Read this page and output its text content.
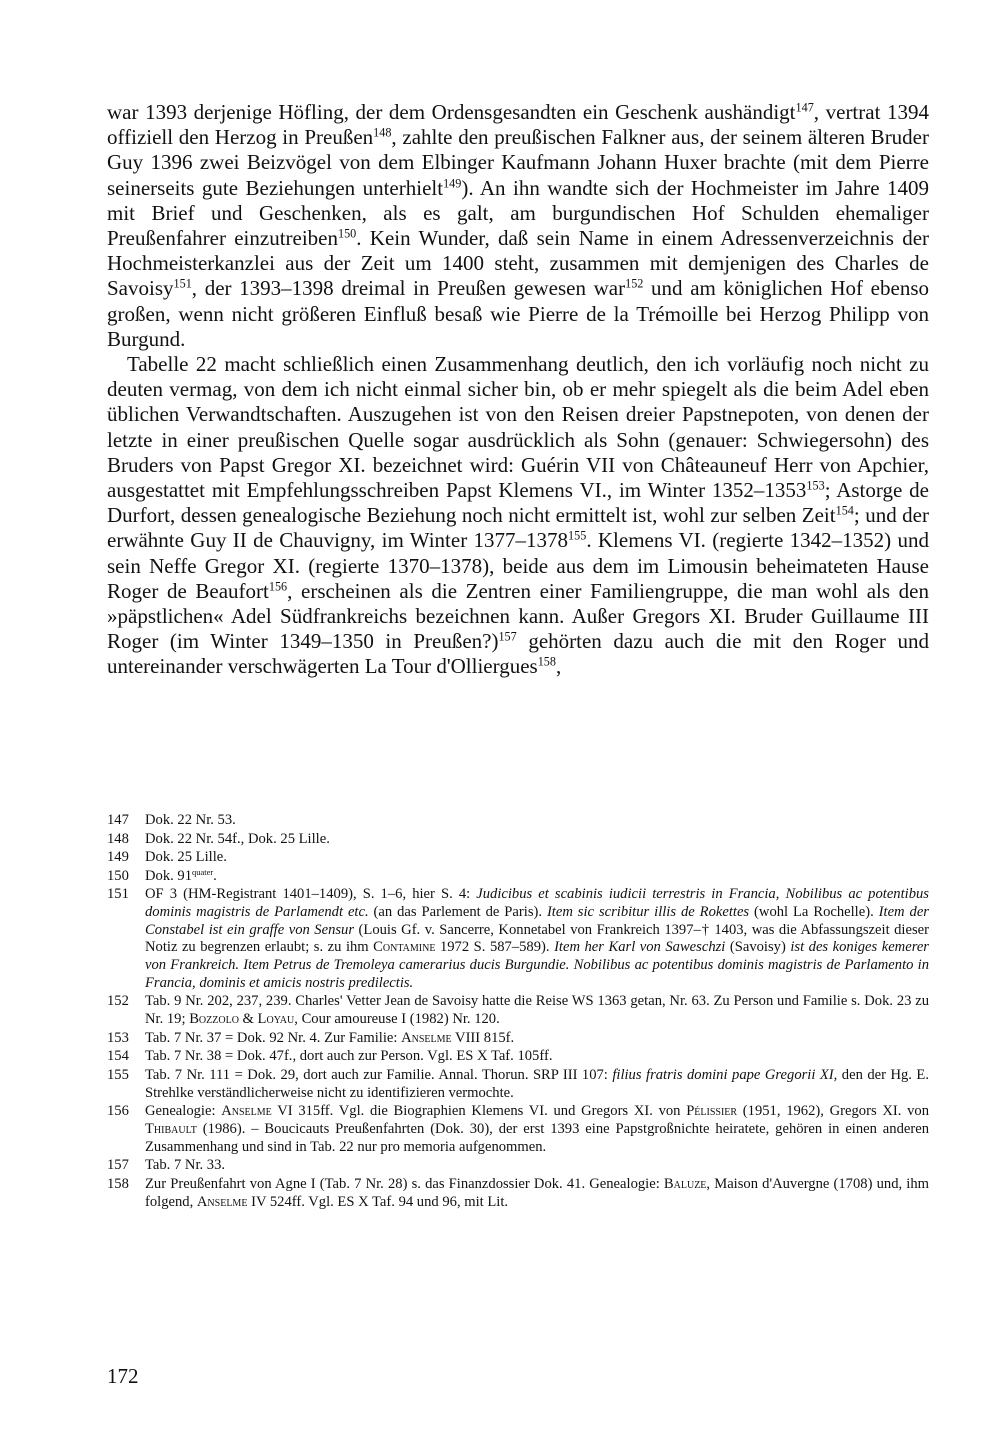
war 1393 derjenige Höfling, der dem Ordensgesandten ein Geschenk aushändigt$^{147}$, vertrat 1394 offiziell den Herzog in Preußen$^{148}$, zahlte den preußischen Falkner aus, der seinem älteren Bruder Guy 1396 zwei Beizvögel von dem Elbinger Kaufmann Johann Huxer brachte (mit dem Pierre seinerseits gute Beziehungen unterhielt$^{149}$). An ihn wandte sich der Hochmeister im Jahre 1409 mit Brief und Geschenken, als es galt, am burgundischen Hof Schulden ehemaliger Preußenfahrer einzutreiben$^{150}$. Kein Wunder, daß sein Name in einem Adressenverzeichnis der Hochmeisterkanzlei aus der Zeit um 1400 steht, zusammen mit demjenigen des Charles de Savoisy$^{151}$, der 1393–1398 dreimal in Preußen gewesen war$^{152}$ und am königlichen Hof ebenso großen, wenn nicht größeren Einfluß besaß wie Pierre de la Trémoille bei Herzog Philipp von Burgund.

Tabelle 22 macht schließlich einen Zusammenhang deutlich, den ich vorläufig noch nicht zu deuten vermag, von dem ich nicht einmal sicher bin, ob er mehr spiegelt als die beim Adel eben üblichen Verwandtschaften. Auszugehen ist von den Reisen dreier Papstnepoten, von denen der letzte in einer preußischen Quelle sogar ausdrücklich als Sohn (genauer: Schwiegersohn) des Bruders von Papst Gregor XI. bezeichnet wird: Guérin VII von Châteauneuf Herr von Apchier, ausgestattet mit Empfehlungsschreiben Papst Klemens VI., im Winter 1352–1353$^{153}$; Astorge de Durfort, dessen genealogische Beziehung noch nicht ermittelt ist, wohl zur selben Zeit$^{154}$; und der erwähnte Guy II de Chauvigny, im Winter 1377–1378$^{155}$. Klemens VI. (regierte 1342–1352) und sein Neffe Gregor XI. (regierte 1370–1378), beide aus dem im Limousin beheimateten Hause Roger de Beaufort$^{156}$, erscheinen als die Zentren einer Familiengruppe, die man wohl als den »päpstlichen« Adel Südfrankreichs bezeichnen kann. Außer Gregors XI. Bruder Guillaume III Roger (im Winter 1349–1350 in Preußen?)$^{157}$ gehörten dazu auch die mit den Roger und untereinander verschwägerten La Tour d'Olliergues$^{158}$,

147	Dok. 22 Nr. 53.
148	Dok. 22 Nr. 54f., Dok. 25 Lille.
149	Dok. 25 Lille.
150	Dok. $91^{quater}$.
151	OF 3 (HM-Registrant 1401–1409), S. 1–6, hier S. 4: Judicibus et scabinis iudicii terrestris in Francia, Nobilibus ac potentibus dominis magistris de Parlamendt etc. (an das Parlement de Paris). Item sic scribitur illis de Rokettes (wohl La Rochelle). Item der Constabel ist ein graffe von Sensur (Louis Gf. v. Sancerre, Konnetabel von Frankreich 1397–† 1403, was die Abfassungszeit dieser Notiz zu begrenzen erlaubt; s. zu ihm Contamine 1972 S. 587–589). Item her Karl von Saweschzi (Savoisy) ist des koniges kemerer von Frankreich. Item Petrus de Tremoleya camerarius ducis Burgundie. Nobilibus ac potentibus dominis magistris de Parlamento in Francia, dominis et amicis nostris predilectis.
152	Tab. 9 Nr. 202, 237, 239. Charles' Vetter Jean de Savoisy hatte die Reise WS 1363 getan, Nr. 63. Zu Person und Familie s. Dok. 23 zu Nr. 19; Bozzolo & Loyau, Cour amoureuse I (1982) Nr. 120.
153	Tab. 7 Nr. 37 = Dok. 92 Nr. 4. Zur Familie: Anselme VIII 815f.
154	Tab. 7 Nr. 38 = Dok. 47f., dort auch zur Person. Vgl. ES X Taf. 105ff.
155	Tab. 7 Nr. 111 = Dok. 29, dort auch zur Familie. Annal. Thorun. SRP III 107: filius fratris domini pape Gregorii XI, den der Hg. E. Strehlke verständlicherweise nicht zu identifizieren vermochte.
156	Genealogie: Anselme VI 315ff. Vgl. die Biographien Klemens VI. und Gregors XI. von Pélissier (1951, 1962), Gregors XI. von Thibault (1986). – Boucicauts Preußenfahrten (Dok. 30), der erst 1393 eine Papstgroßnichte heiratete, gehören in einen anderen Zusammenhang und sind in Tab. 22 nur pro memoria aufgenommen.
157	Tab. 7 Nr. 33.
158	Zur Preußenfahrt von Agne I (Tab. 7 Nr. 28) s. das Finanzdossier Dok. 41. Genealogie: Baluze, Maison d'Auvergne (1708) und, ihm folgend, Anselme IV 524ff. Vgl. ES X Taf. 94 und 96, mit Lit.
172
